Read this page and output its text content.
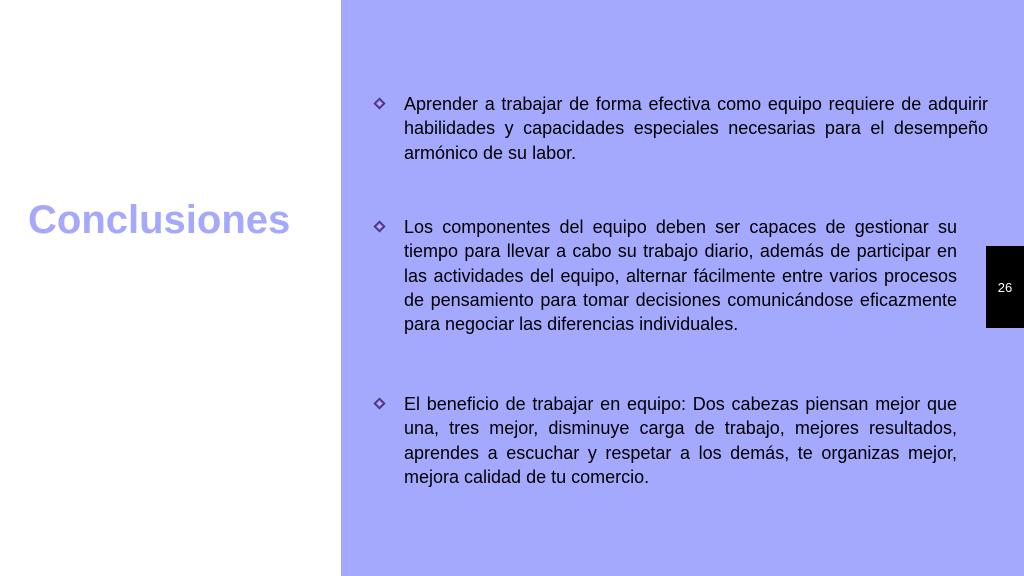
Conclusiones
Aprender a trabajar de forma efectiva como equipo requiere de adquirir habilidades y capacidades especiales necesarias para el desempeño armónico de su labor.
Los componentes del equipo deben ser capaces de gestionar su tiempo para llevar a cabo su trabajo diario, además de participar en las actividades del equipo, alternar fácilmente entre varios procesos de pensamiento para tomar decisiones comunicándose eficazmente para negociar las diferencias individuales.
El beneficio de trabajar en equipo: Dos cabezas piensan mejor que una, tres mejor, disminuye carga de trabajo, mejores resultados, aprendes a escuchar y respetar a los demás, te organizas mejor, mejora calidad de tu comercio.
26
